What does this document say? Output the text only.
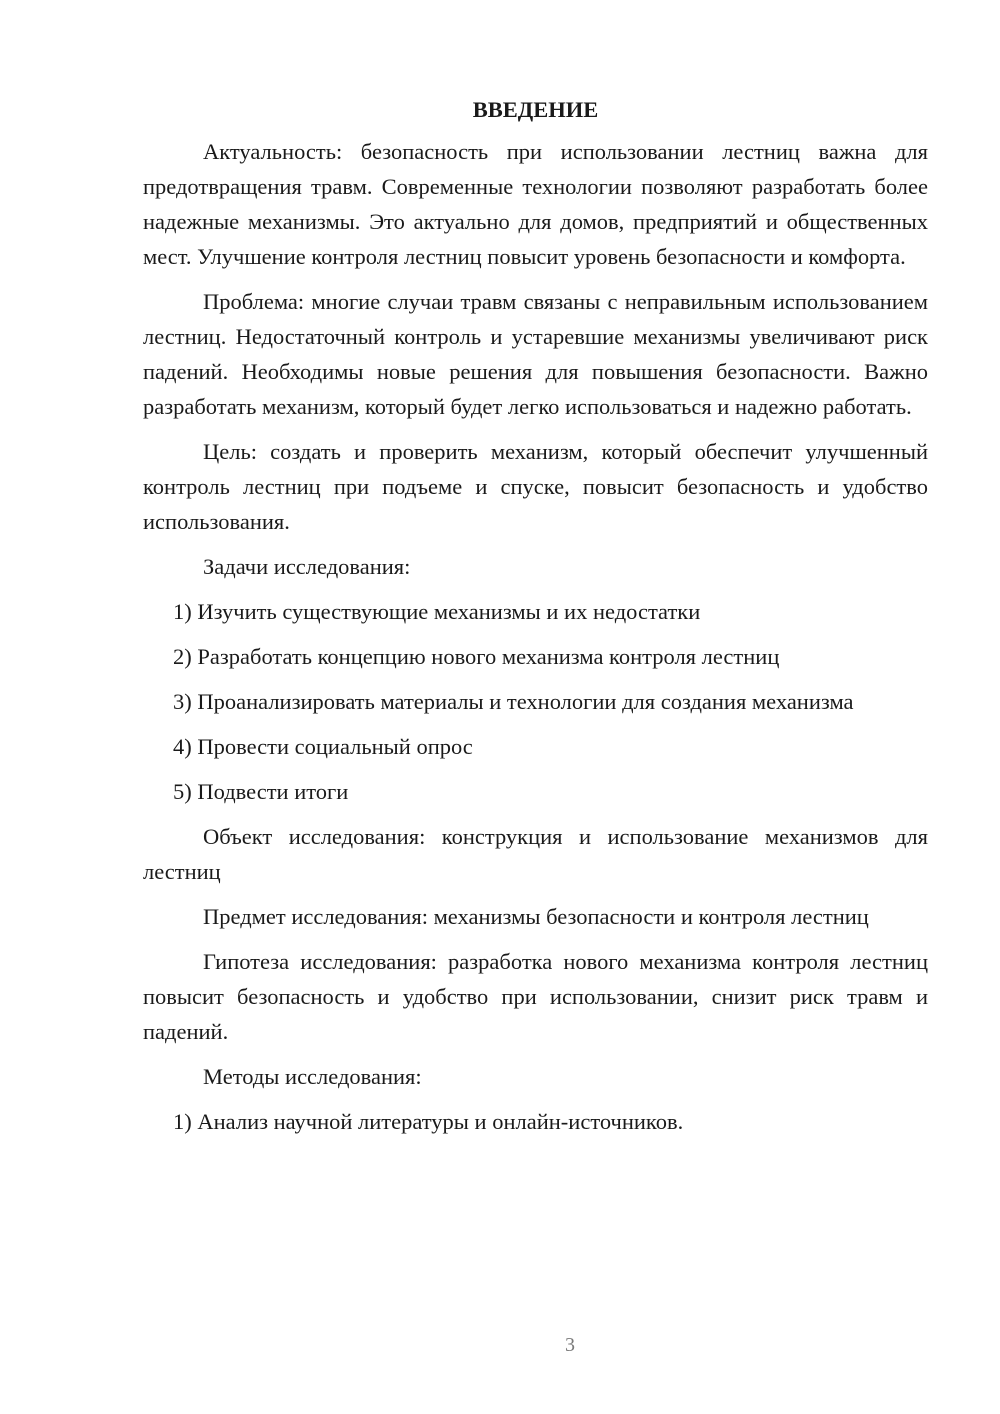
ВВЕДЕНИЕ

Актуальность: безопасность при использовании лестниц важна для предотвращения травм. Современные технологии позволяют разработать более надежные механизмы. Это актуально для домов, предприятий и общественных мест. Улучшение контроля лестниц повысит уровень безопасности и комфорта.

Проблема: многие случаи травм связаны с неправильным использованием лестниц. Недостаточный контроль и устаревшие механизмы увеличивают риск падений. Необходимы новые решения для повышения безопасности. Важно разработать механизм, который будет легко использоваться и надежно работать.

Цель: создать и проверить механизм, который обеспечит улучшенный контроль лестниц при подъеме и спуске, повысит безопасность и удобство использования.

Задачи исследования:

1) Изучить существующие механизмы и их недостатки

2) Разработать концепцию нового механизма контроля лестниц

3) Проанализировать материалы и технологии для создания механизма

4) Провести социальный опрос

5) Подвести итоги

Объект исследования: конструкция и использование механизмов для лестниц

Предмет исследования: механизмы безопасности и контроля лестниц

Гипотеза исследования: разработка нового механизма контроля лестниц повысит безопасность и удобство при использовании, снизит риск травм и падений.

Методы исследования:

1) Анализ научной литературы и онлайн-источников.

3
